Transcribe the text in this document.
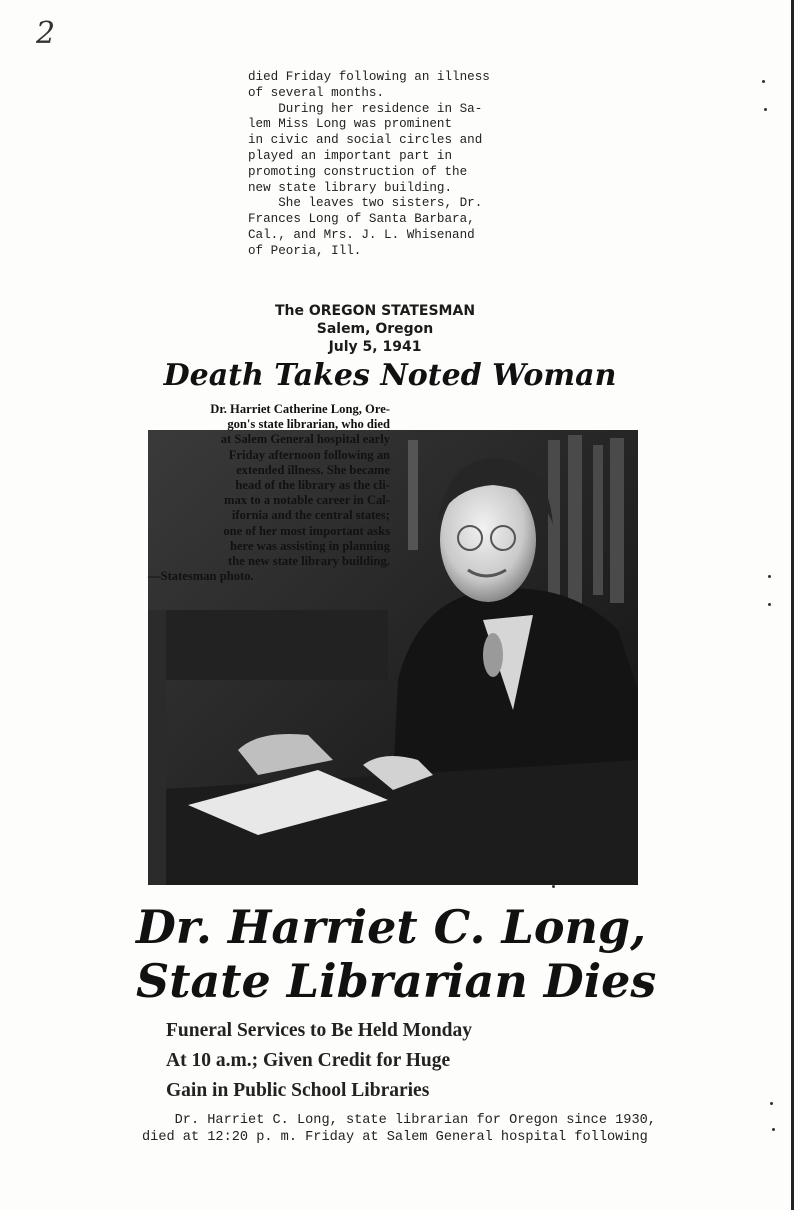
2
died Friday following an illness
of several months.
During her residence in Sa-
lem Miss Long was prominent
in civic and social circles and
played an important part in
promoting construction of the
new state library building.
She leaves two sisters, Dr.
Frances Long of Santa Barbara,
Cal., and Mrs. J. L. Whisenand
of Peoria, Ill.
The OREGON STATESMAN
Salem, Oregon
July 5, 1941
Death Takes Noted Woman
Dr. Harriet Catherine Long, Ore-
gon's state librarian, who died
at Salem General hospital early
Friday afternoon following an
extended illness. She became
head of the library as the cli-
max to a notable career in Cal-
ifornia and the central states;
one of her most important asks
here was assisting in planning
the new state library building.
—Statesman photo.
Dr. Harriet C. Long,
State Librarian Dies
Funeral Services to Be Held Monday
At 10 a.m.; Given Credit for Huge
Gain in Public School Libraries
Dr. Harriet C. Long, state librarian for Oregon since 1930,
died at 12:20 p. m. Friday at Salem General hospital following
